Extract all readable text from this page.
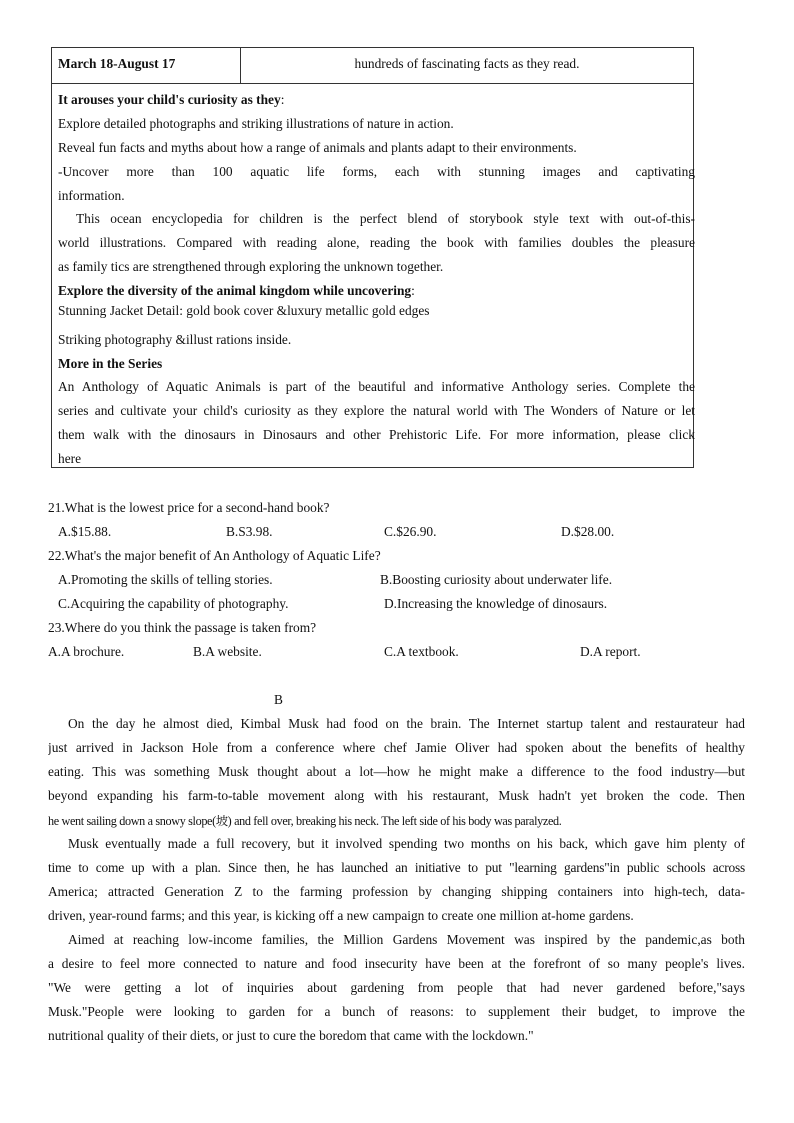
March 18-August 17	hundreds of fascinating facts as they read.
It arouses your child's curiosity as they:
Explore detailed photographs and striking illustrations of nature in action.
Reveal fun facts and myths about how a range of animals and plants adapt to their environments.
-Uncover more than 100 aquatic life forms, each with stunning images and captivating
information.
This ocean encyclopedia for children is the perfect blend of storybook style text with out-of-this-
world illustrations. Compared with reading alone, reading the book with families doubles the pleasure
as family tics are strengthened through exploring the unknown together.
Explore the diversity of the animal kingdom while uncovering:
Stunning Jacket Detail: gold book cover &luxury metallic gold edges
Striking photography &illust rations inside.
More in the Series
An Anthology of Aquatic Animals is part of the beautiful and informative Anthology series. Complete the
series and cultivate your child's curiosity as they explore the natural world with The Wonders of Nature or let
them walk with the dinosaurs in Dinosaurs and other Prehistoric Life. For more information, please click
here
21.What is the lowest price for a second-hand book?
A.$15.88.	B.S3.98.	C.$26.90.	D.$28.00.
22.What's the major benefit of An Anthology of Aquatic Life?
A.Promoting the skills of telling stories.	B.Boosting curiosity about underwater life.
C.Acquiring the capability of photography.	D.Increasing the knowledge of dinosaurs.
23.Where do you think the passage is taken from?
A.A brochure.	B.A website.	C.A textbook.	D.A report.
B
On the day he almost died, Kimbal Musk had food on the brain. The Internet startup talent and restaurateur had
just arrived in Jackson Hole from a conference where chef Jamie Oliver had spoken about the benefits of healthy
eating. This was something Musk thought about a lot—how he might make a difference to the food industry—but
beyond expanding his farm-to-table movement along with his restaurant, Musk hadn't yet broken the code. Then
he went sailing down a snowy slope(坡) and fell over, breaking his neck. The left side of his body was paralyzed.
Musk eventually made a full recovery, but it involved spending two months on his back, which gave him plenty of
time to come up with a plan. Since then, he has launched an initiative to put "learning gardens"in public schools across
America; attracted Generation Z to the farming profession by changing shipping containers into high-tech, data-
driven, year-round farms; and this year, is kicking off a new campaign to create one million at-home gardens.
Aimed at reaching low-income families, the Million Gardens Movement was inspired by the pandemic,as both
a desire to feel more connected to nature and food insecurity have been at the forefront of so many people's lives.
"We were getting a lot of inquiries about gardening from people that had never gardened before,"says
Musk."People were looking to garden for a bunch of reasons: to supplement their budget, to improve the
nutritional quality of their diets, or just to cure the boredom that came with the lockdown."
